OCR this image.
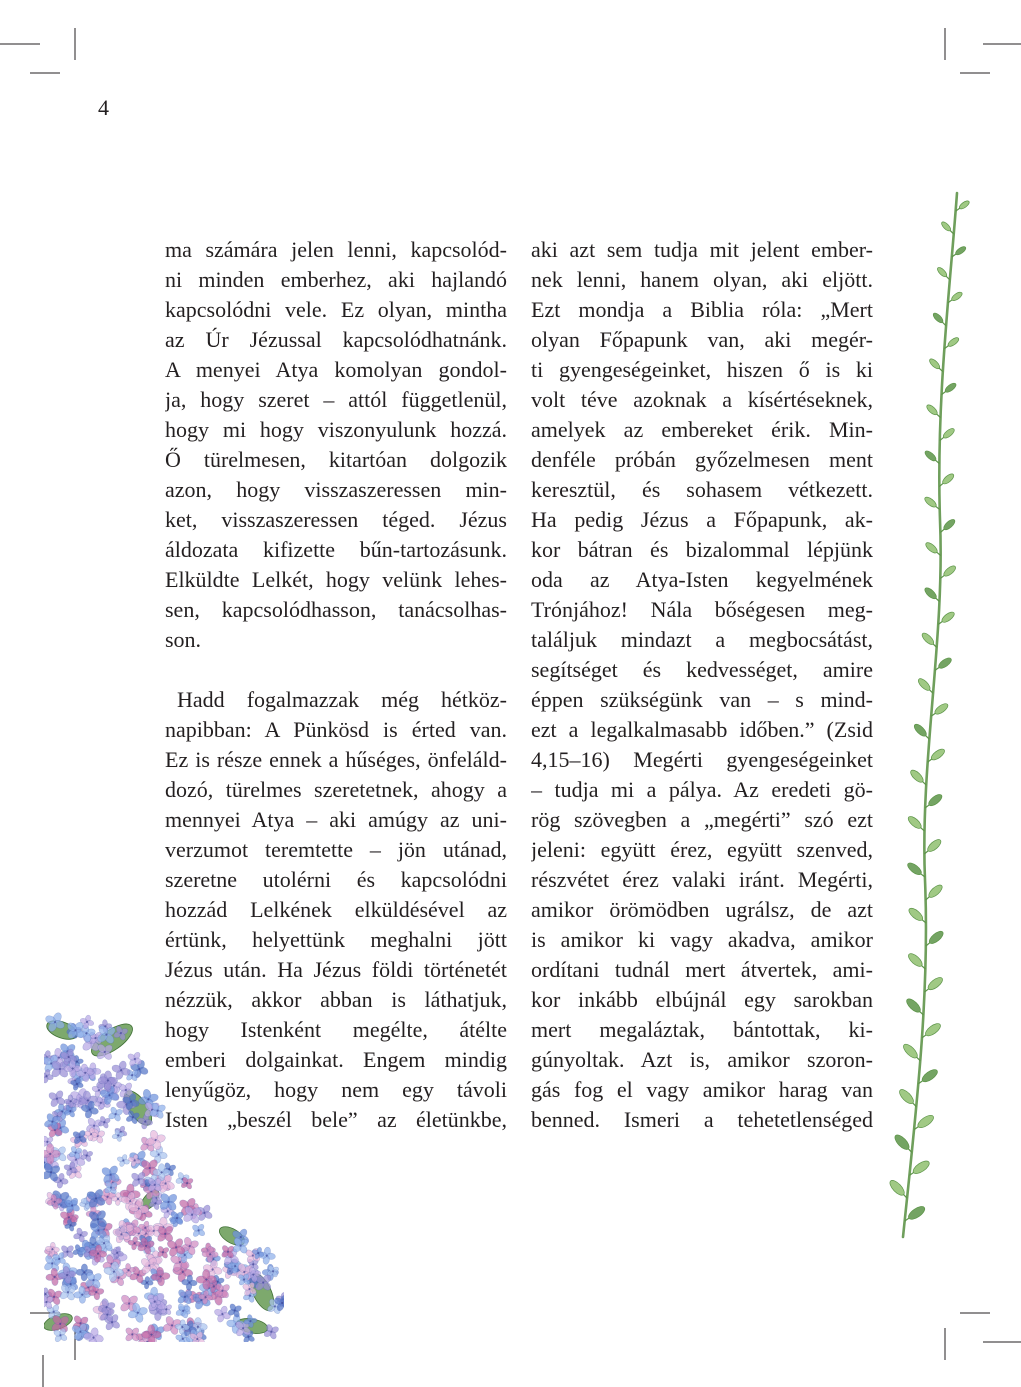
4
ma számára jelen lenni, kapcsolód-
ni minden emberhez, aki hajlandó
kapcsolódni vele. Ez olyan, mintha
az Úr Jézussal kapcsolódhatnánk.
A menyei Atya komolyan gondol-
ja, hogy szeret – attól függetlenül,
hogy mi hogy viszonyulunk hozzá.
Ő türelmesen, kitartóan dolgozik
azon, hogy visszaszeressen min-
ket, visszaszeressen téged. Jézus
áldozata kifizette bűn-tartozásunk.
Elküldte Lelkét, hogy velünk lehes-
sen, kapcsolódhasson, tanácsolhas-
son.
Hadd fogalmazzak még hétköz-
napibban: A Pünkösd is érted van.
Ez is része ennek a hűséges, önfeláld-
dozó, türelmes szeretetnek, ahogy a
mennyei Atya – aki amúgy az uni-
verzumot teremtette – jön utánad,
szeretne utolérni és kapcsolódni
hozzád Lelkének elküldésével az
értünk, helyettünk meghalni jött
Jézus után. Ha Jézus földi történetét
nézzük, akkor abban is láthatjuk,
hogy Istenként megélte, átélte
emberi dolgainkat. Engem mindig
lenyűgöz, hogy nem egy távoli
Isten „beszél bele” az életünkbe,
aki azt sem tudja mit jelent ember-
nek lenni, hanem olyan, aki eljött.
Ezt mondja a Biblia róla: „Mert
olyan Főpapunk van, aki megér-
ti gyengeségeinket, hiszen ő is ki
volt téve azoknak a kísértéseknek,
amelyek az embereket érik. Min-
denféle próbán győzelmesen ment
keresztül, és sohasem vétkezett.
Ha pedig Jézus a Főpapunk, ak-
kor bátran és bizalommal lépjünk
oda az Atya-Isten kegyelmének
Trónjához! Nála bőségesen meg-
találjuk mindazt a megbocsátást,
segítséget és kedvességet, amire
éppen szükségünk van – s mind-
ezt a legalkalmasabb időben.” (Zsid
4,15–16) Megérti gyengeségeinket
– tudja mi a pálya. Az eredeti gö-
rög szövegben a „megérti” szó ezt
jeleni: együtt érez, együtt szenved,
részvétet érez valaki iránt. Megérti,
amikor örömödben ugrálsz, de azt
is amikor ki vagy akadva, amikor
ordítani tudnál mert átvertek, ami-
kor inkább elbújnál egy sarokban
mert megaláztak, bántottak, ki-
gúnyoltak. Azt is, amikor szoron-
gás fog el vagy amikor harag van
benned. Ismeri a tehetetlenséged
